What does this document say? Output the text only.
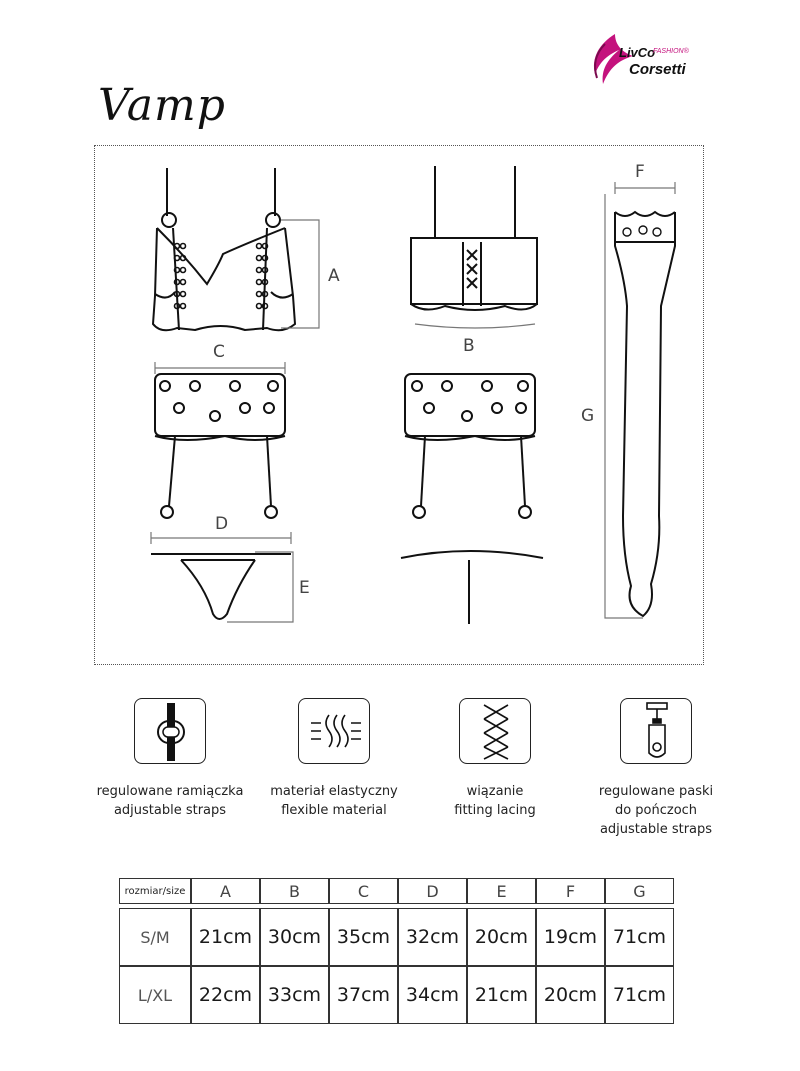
LivCo
FASHION®
Corsetti
Vamp
A
B
C
D
E
F
G
regulowane ramiączka
adjustable straps
materiał elastyczny
flexible material
wiązanie
fitting lacing
regulowane paski
do pończoch
adjustable straps
rozmiar/size	A	B	C	D	E	F	G
S/M	21cm	30cm	35cm	32cm	20cm	19cm	71cm
L/XL	22cm	33cm	37cm	34cm	21cm	20cm	71cm
